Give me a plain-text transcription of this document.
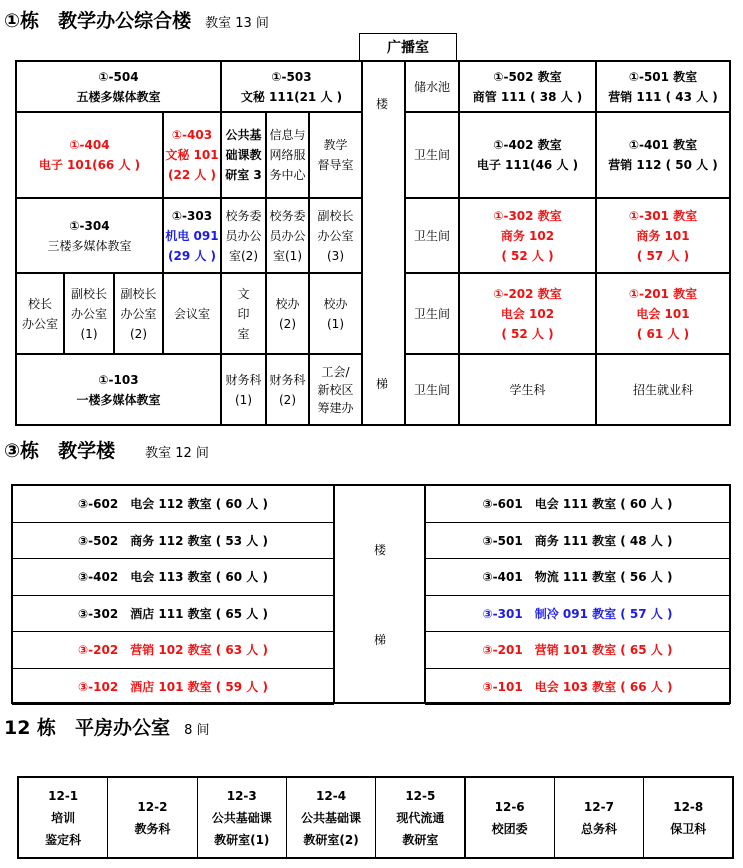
①栋　教学办公综合楼 教室 13 间
广播室
①-504
五楼多媒体教室
①-503
文秘 111(21 人 )
①-404
电子 101(66 人 )
①-403
文秘 101
(22 人 )
公共基
础课教
研室 3
信息与
网络服
务中心
教学
督导室
①-304
三楼多媒体教室
①-303
机电 091
(29 人 )
校务委
员办公
室(2)
校务委
员办公
室(1)
副校长
办公室
(3)
校长
办公室
副校长
办公室
(1)
副校长
办公室
(2)
会议室
文
印
室
校办
(2)
校办
(1)
①-103
一楼多媒体教室
财务科
(1)
财务科
(2)
工会/
新校区
筹建办
楼
梯
储水池
①-502 教室
商管 111 ( 38 人 )
①-501 教室
营销 111 ( 43 人 )
卫生间
①-402 教室
电子 111(46 人 )
①-401 教室
营销 112 ( 50 人 )
卫生间
①-302 教室
商务 102
( 52 人 )
①-301 教室
商务 101
( 57 人 )
卫生间
①-202 教室
电会 102
( 52 人 )
①-201 教室
电会 101
( 61 人 )
卫生间	学生科	招生就业科
③栋　教学楼 教室 12 间
③-602　电会 112 教室 ( 60 人 )
③-502　商务 112 教室 ( 53 人 )
③-402　电会 113 教室 ( 60 人 )
③-302　酒店 111 教室 ( 65 人 )
③-202　营销 102 教室 ( 63 人 )
③-102　酒店 101 教室 ( 59 人 )
③-601　电会 111 教室 ( 60 人 )
③-501　商务 111 教室 ( 48 人 )
③-401　物流 111 教室 ( 56 人 )
③-301　制冷 091 教室 ( 57 人 )
③-201　营销 101 教室 ( 65 人 )
③-101　电会 103 教室 ( 66 人 )
楼
梯
12 栋　平房办公室 8 间
12-1
培训
鉴定科
12-2
教务科
12-3
公共基础课
教研室(1)
12-4
公共基础课
教研室(2)
12-5
现代流通
教研室
12-6
校团委
12-7
总务科
12-8
保卫科
